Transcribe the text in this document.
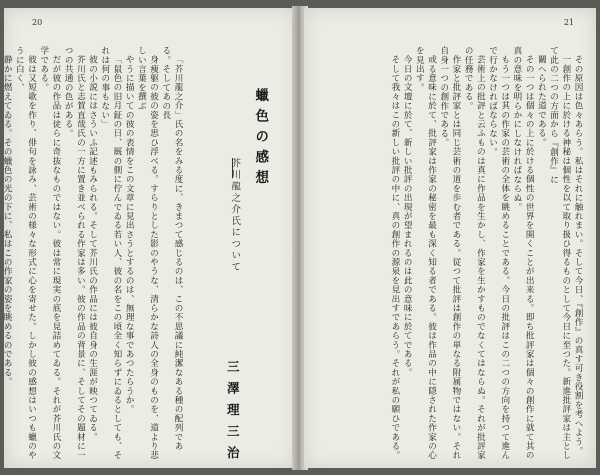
20
蠟色の感想
芥川龍之介氏について
三澤理三治

「芥川龍之介」氏の名をみる度に、きまつて感じるのは、この不思議に純潔なある種の配列である。そしてあの長

身痩躯の彼の姿を思ひ浮べる。すらりとした影のやうな、清らかな詩人の全身のものを、道より悲しい言葉を撰ぶ

やうに描いての彼の表情をこの文章に見出さうとするのは、無理な事であつたらうか。

「鼠色の旧月鉦の日、厩の側に佇んでゐる若い人、彼の名をこの頃全く知らずにゐるとしても、それは何の事もない」

彼の小説にはさういふ記述もみられる。そして芥川氏の作品には彼自身の生涯が映つてゐる。

芥川氏と志賀直哉氏の一方に置き並べられる作家は多い。彼の作品の背景に、そしてその題材に一つの共通の色がある。

だが彼の作品は徒らに奇抜なものではない。彼は常に現実の底を見詰めてゐる。それが芥川氏の文学である。

彼は又短歌を作り、俳句を詠み、芸術の様々な形式に心を寄せた。しかし彼の感想はいつも蠟のやうに白く、

静かに燃えてゐる。その蠟色の光の下に、私はこの作家の姿を眺めるのである。

21

その原因は色々あらう。私はそれに触れまい。そして今日、『創作』の真す可き役割を考へよう。

一創作の上に於ける神秘は個性を以て取り扱ひ得るものとして今日に至つた。新進批評家は主として此の二つの方面から『創作』に

關へられた道である。

その一つは個々の上に於ける個性の世界を開くことが出来る。即ち批評家は個々の創作に就て其の真の意味を明らかにしなければならぬ。

もう一つは其の作家の芸術の全体を眺めることである。今日の批評はこの二つの方向を持つて進んで行かなければならない。

芸術上の批評と云ふものは真に作品を生かし、作家を生かすものでなくてはならぬ。それが批評家の任務である。

作家と批評家とは同じ芸術の道を歩む者である。従つて批評は創作の単なる附属物ではない。それ自身一つの創作である。

或る意味に於て、批評家は作家の秘密を最も深く知る者である。彼は作品の中に隠された作家の心を見出す。

今日の文壇に於て、新しい批評の出現が望まれるのは此の意味に於てである。

そして我々はこの新しい批評の中に、真の創作の源泉を見出すであらう。それが私の願ひである。
